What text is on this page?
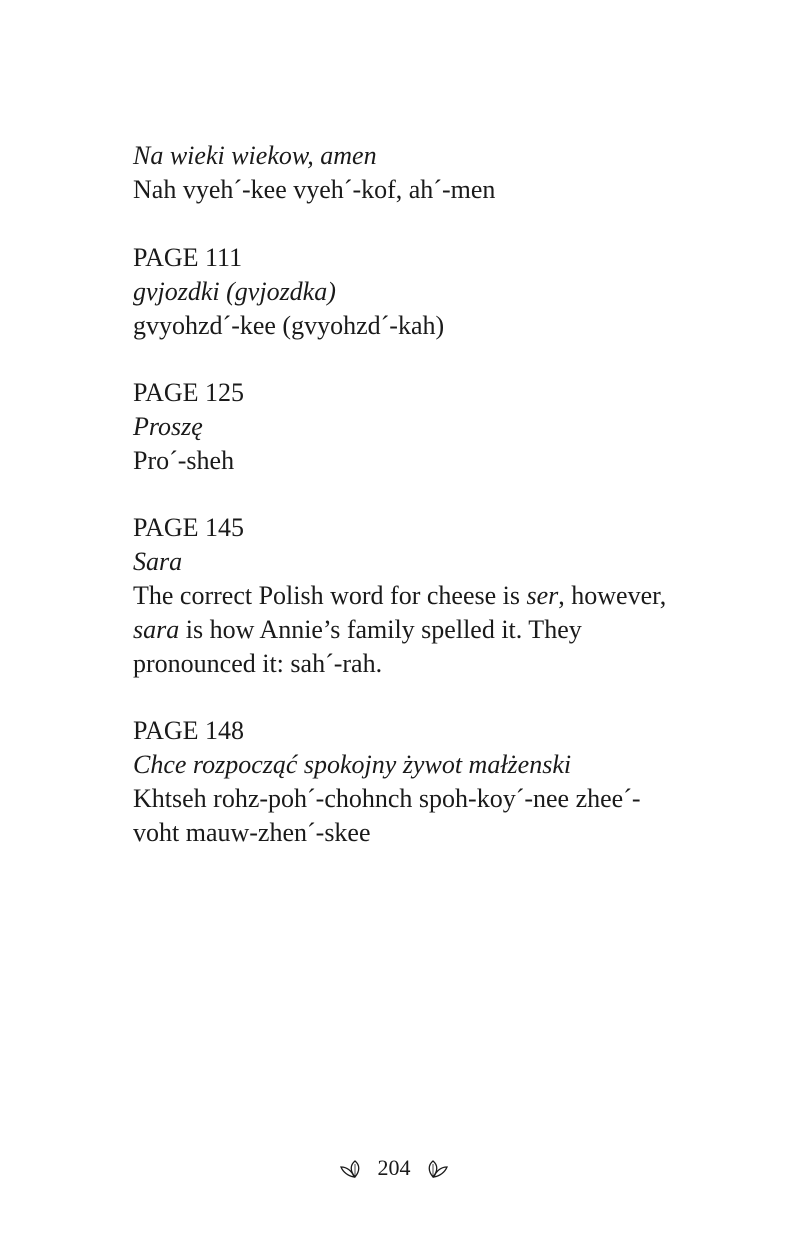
Na wieki wiekow, amen

Nah vyeh´-kee vyeh´-kof, ah´-men

PAGE 111

gvjozdki (gvjozdka)

gvyohzd´-kee (gvyohzd´-kah)

PAGE 125

Proszę

Pro´-sheh

PAGE 145

Sara

The correct Polish word for cheese is ser, however,

sara is how Annie’s family spelled it. They

pronounced it: sah´-rah.

PAGE 148

Chce rozpocząć spokojny żywot małżenski

Khtseh rohz-poh´-chohnch spoh-koy´-nee zhee´-

voht mauw-zhen´-skee

204
